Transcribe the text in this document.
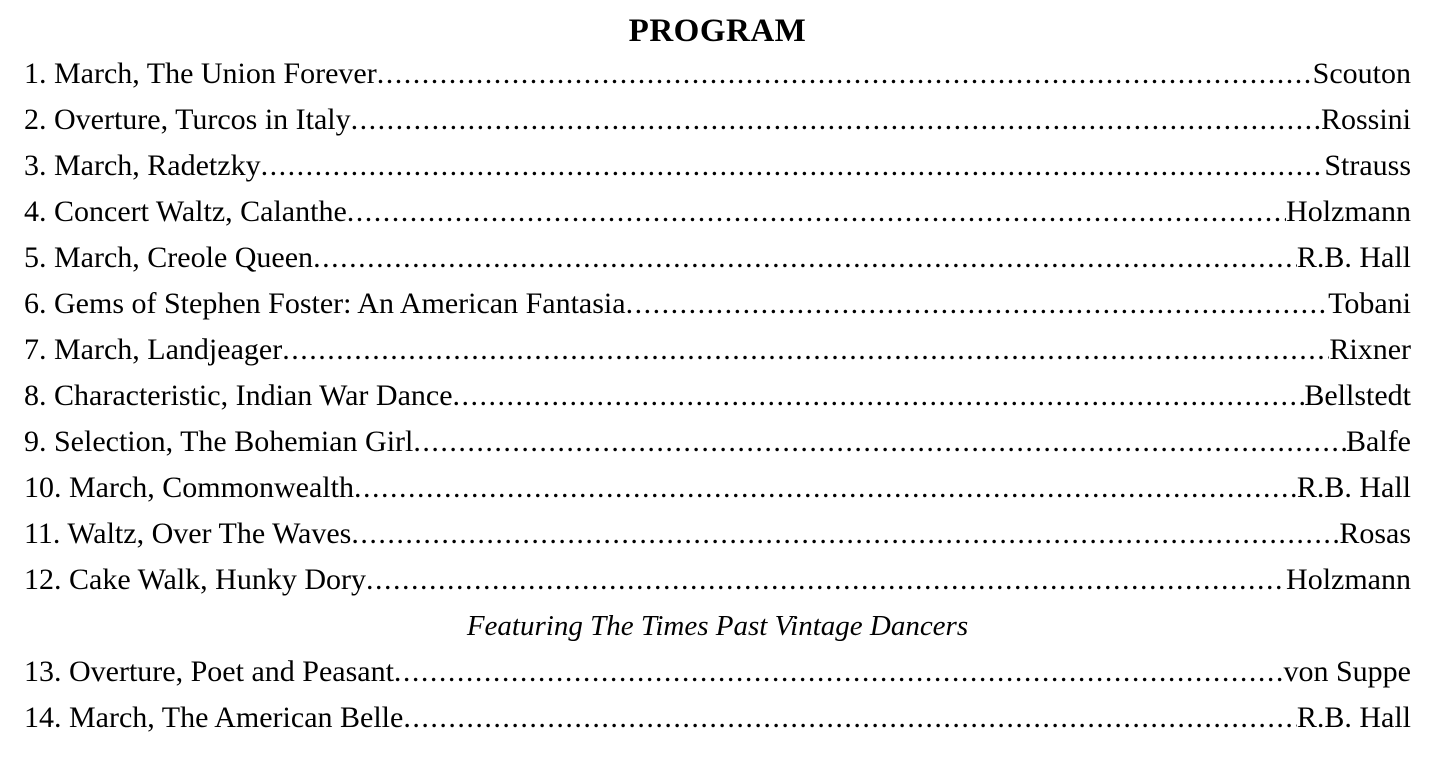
PROGRAM
1. March, The Union Forever .....	Scouton
2. Overture, Turcos in Italy .....	Rossini
3. March, Radetzky .....	Strauss
4. Concert Waltz, Calanthe .....	Holzmann
5. March, Creole Queen .....	R.B. Hall
6. Gems of Stephen Foster: An American Fantasia .....	Tobani
7. March, Landjeager .....	Rixner
8. Characteristic, Indian War Dance .....	Bellstedt
9. Selection, The Bohemian Girl .....	Balfe
10. March, Commonwealth .....	R.B. Hall
11. Waltz, Over The Waves .....	Rosas
12. Cake Walk, Hunky Dory .....	Holzmann

Featuring The Times Past Vintage Dancers

13. Overture, Poet and Peasant .....	von Suppe
14. March, The American Belle .....	R.B. Hall
